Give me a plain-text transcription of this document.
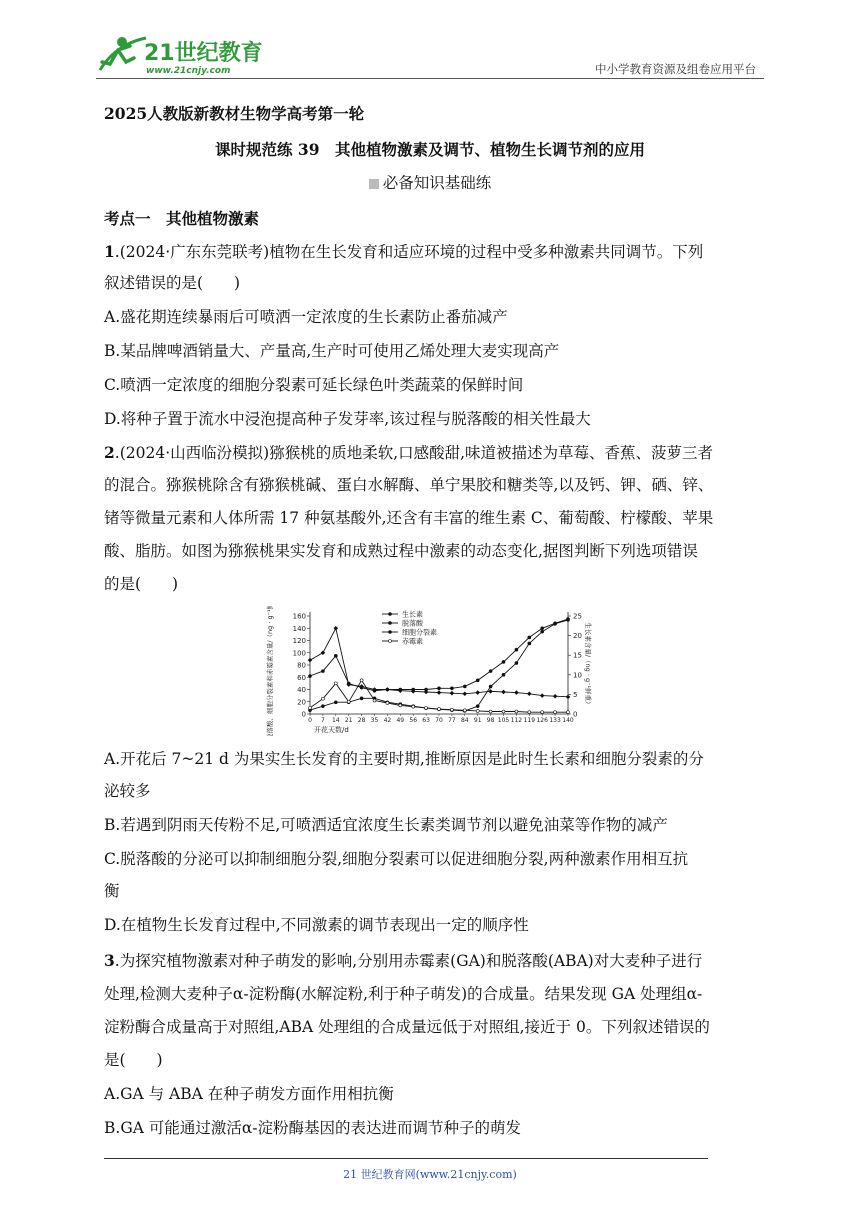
21世纪教育
www.21cnjy.com	中小学教育资源及组卷应用平台
2025人教版新教材生物学高考第一轮
课时规范练 39　其他植物激素及调节、植物生长调节剂的应用
必备知识基础练
考点一　其他植物激素
1.(2024·广东东莞联考)植物在生长发育和适应环境的过程中受多种激素共同调节。下列
叙述错误的是(　　)
A.盛花期连续暴雨后可喷洒一定浓度的生长素防止番茄减产
B.某品牌啤酒销量大、产量高,生产时可使用乙烯处理大麦实现高产
C.喷洒一定浓度的细胞分裂素可延长绿色叶类蔬菜的保鲜时间
D.将种子置于流水中浸泡提高种子发芽率,该过程与脱落酸的相关性最大
2.(2024·山西临汾模拟)猕猴桃的质地柔软,口感酸甜,味道被描述为草莓、香蕉、菠萝三者
的混合。猕猴桃除含有猕猴桃碱、蛋白水解酶、单宁果胶和糖类等,以及钙、钾、硒、锌、
锗等微量元素和人体所需 17 种氨基酸外,还含有丰富的维生素 C、葡萄酸、柠檬酸、苹果
酸、脂肪。如图为猕猴桃果实发育和成熟过程中激素的动态变化,据图判断下列选项错误
的是(　　)
0
20
40
60
80
100
120
140
160
0
5
10
15
20
25
0 7 14 21 28 35 42 49 56 63 70 77 84 91 98 105 112 119 126 133 140
开花天数/d
脱落酸、细胞分裂素和赤霉素含量/（ng · g⁻¹鲜重）	生长素含量/（ng · g⁻¹鲜重）
生长素
脱落酸
细胞分裂素
赤霉素
A.开花后 7~21 d 为果实生长发育的主要时期,推断原因是此时生长素和细胞分裂素的分
泌较多
B.若遇到阴雨天传粉不足,可喷洒适宜浓度生长素类调节剂以避免油菜等作物的减产
C.脱落酸的分泌可以抑制细胞分裂,细胞分裂素可以促进细胞分裂,两种激素作用相互抗
衡
D.在植物生长发育过程中,不同激素的调节表现出一定的顺序性
3.为探究植物激素对种子萌发的影响,分别用赤霉素(GA)和脱落酸(ABA)对大麦种子进行
处理,检测大麦种子α-淀粉酶(水解淀粉,利于种子萌发)的合成量。结果发现 GA 处理组α-
淀粉酶合成量高于对照组,ABA 处理组的合成量远低于对照组,接近于 0。下列叙述错误的
是(　　)
A.GA 与 ABA 在种子萌发方面作用相抗衡
B.GA 可能通过激活α-淀粉酶基因的表达进而调节种子的萌发
21 世纪教育网(www.21cnjy.com)
